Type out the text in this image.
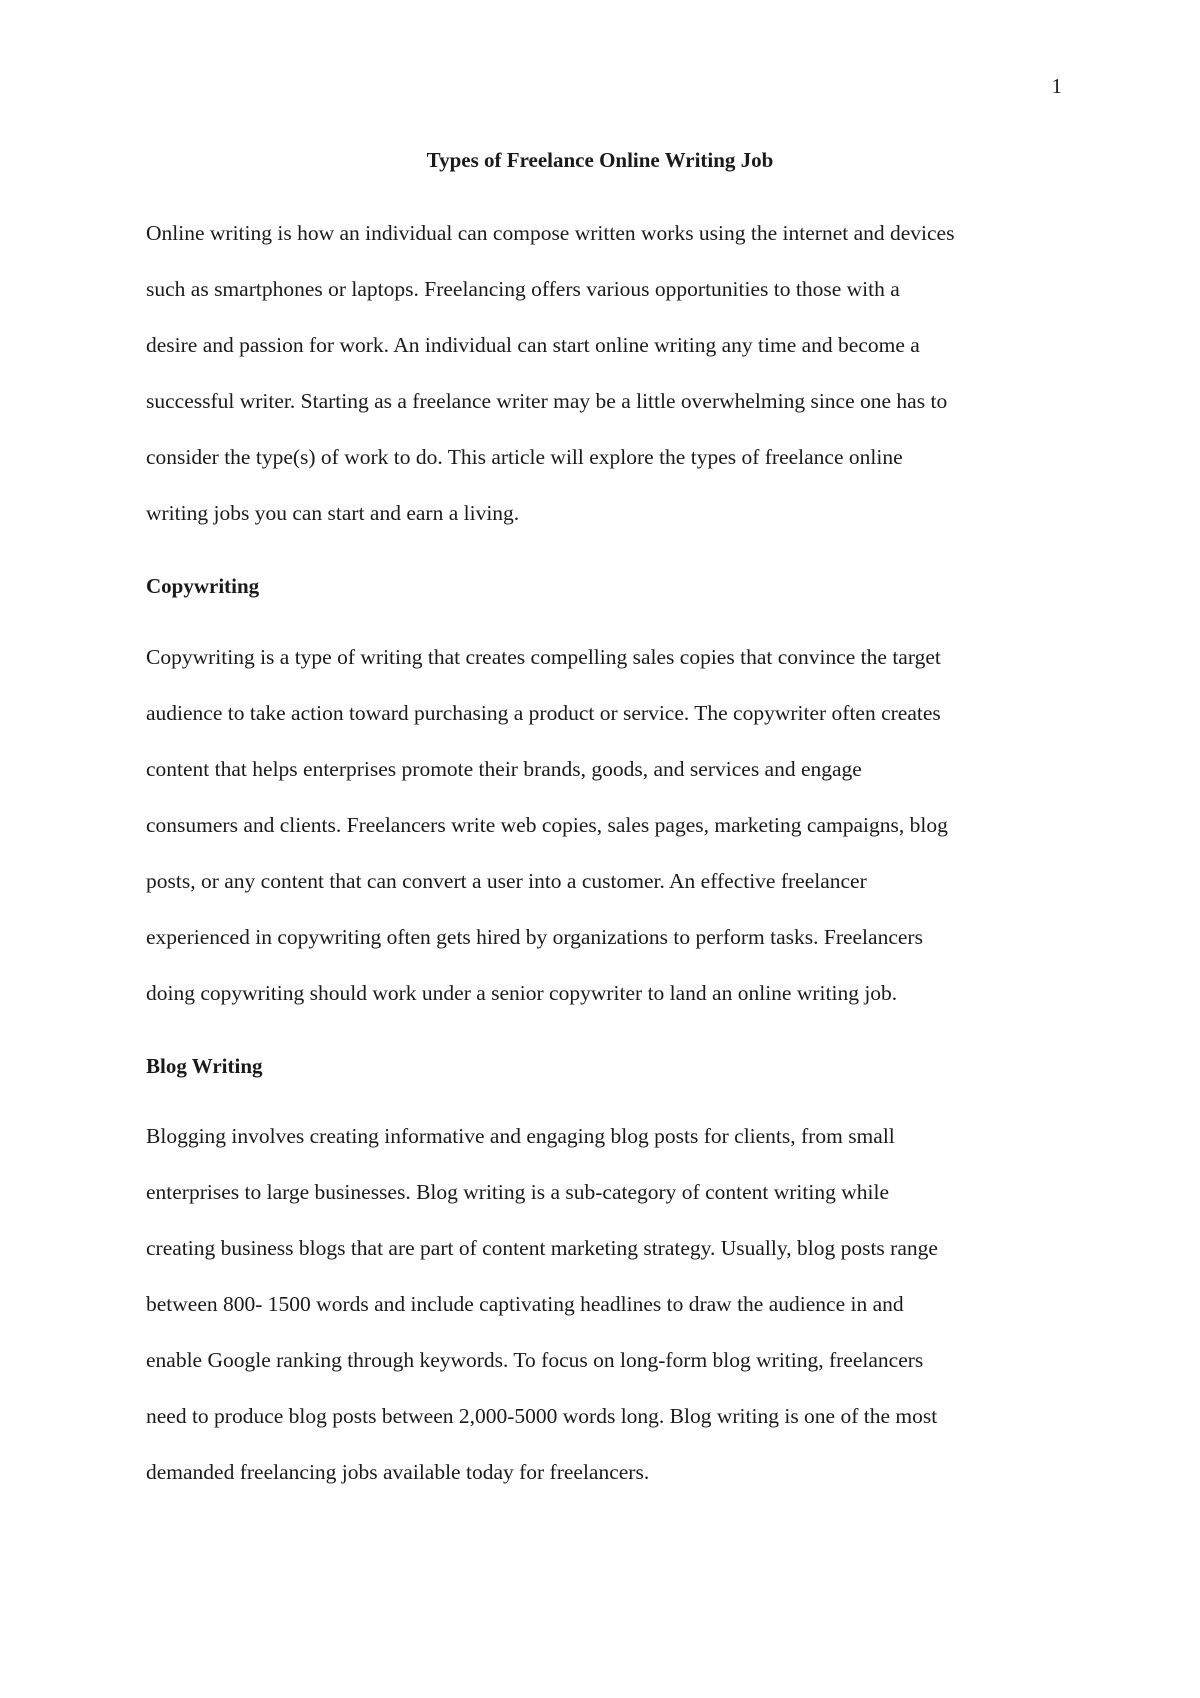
1
Types of Freelance Online Writing Job
Online writing is how an individual can compose written works using the internet and devices
such as smartphones or laptops. Freelancing offers various opportunities to those with a
desire and passion for work. An individual can start online writing any time and become a
successful writer. Starting as a freelance writer may be a little overwhelming since one has to
consider the type(s) of work to do. This article will explore the types of freelance online
writing jobs you can start and earn a living.
Copywriting
Copywriting is a type of writing that creates compelling sales copies that convince the target
audience to take action toward purchasing a product or service. The copywriter often creates
content that helps enterprises promote their brands, goods, and services and engage
consumers and clients. Freelancers write web copies, sales pages, marketing campaigns, blog
posts, or any content that can convert a user into a customer. An effective freelancer
experienced in copywriting often gets hired by organizations to perform tasks. Freelancers
doing copywriting should work under a senior copywriter to land an online writing job.
Blog Writing
Blogging involves creating informative and engaging blog posts for clients, from small
enterprises to large businesses. Blog writing is a sub-category of content writing while
creating business blogs that are part of content marketing strategy. Usually, blog posts range
between 800- 1500 words and include captivating headlines to draw the audience in and
enable Google ranking through keywords. To focus on long-form blog writing, freelancers
need to produce blog posts between 2,000-5000 words long. Blog writing is one of the most
demanded freelancing jobs available today for freelancers.
